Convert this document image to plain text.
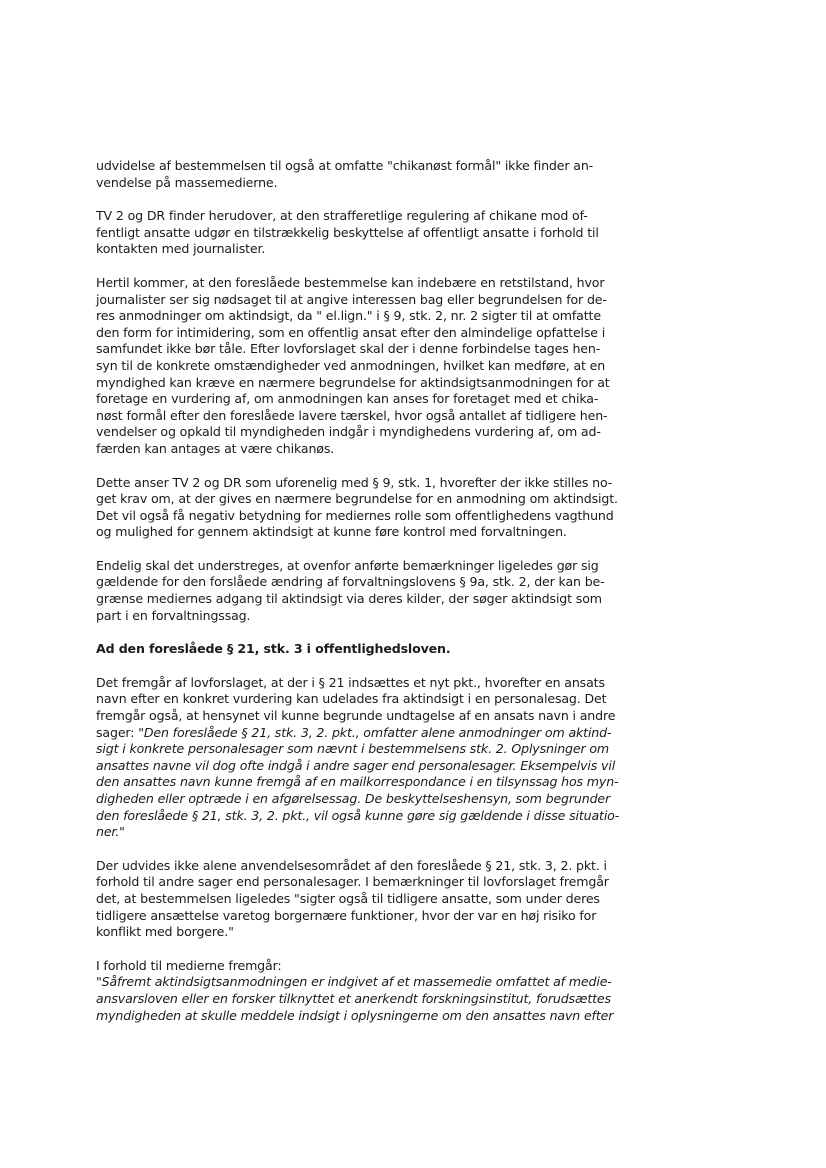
udvidelse af bestemmelsen til også at omfatte "chikanøst formål" ikke finder an-
vendelse på massemedierne.

TV 2 og DR finder herudover, at den strafferetlige regulering af chikane mod of-
fentligt ansatte udgør en tilstrækkelig beskyttelse af offentligt ansatte i forhold til
kontakten med journalister.

Hertil kommer, at den foreslåede bestemmelse kan indebære en retstilstand, hvor
journalister ser sig nødsaget til at angive interessen bag eller begrundelsen for de-
res anmodninger om aktindsigt, da " el.lign." i § 9, stk. 2, nr. 2 sigter til at omfatte
den form for intimidering, som en offentlig ansat efter den almindelige opfattelse i
samfundet ikke bør tåle. Efter lovforslaget skal der i denne forbindelse tages hen-
syn til de konkrete omstændigheder ved anmodningen, hvilket kan medføre, at en
myndighed kan kræve en nærmere begrundelse for aktindsigtsanmodningen for at
foretage en vurdering af, om anmodningen kan anses for foretaget med et chika-
nøst formål efter den foreslåede lavere tærskel, hvor også antallet af tidligere hen-
vendelser og opkald til myndigheden indgår i myndighedens vurdering af, om ad-
færden kan antages at være chikanøs.

Dette anser TV 2 og DR som uforenelig med § 9, stk. 1, hvorefter der ikke stilles no-
get krav om, at der gives en nærmere begrundelse for en anmodning om aktindsigt.
Det vil også få negativ betydning for mediernes rolle som offentlighedens vagthund
og mulighed for gennem aktindsigt at kunne føre kontrol med forvaltningen.

Endelig skal det understreges, at ovenfor anførte bemærkninger ligeledes gør sig
gældende for den forslåede ændring af forvaltningslovens § 9a, stk. 2, der kan be-
grænse mediernes adgang til aktindsigt via deres kilder, der søger aktindsigt som
part i en forvaltningssag.

Ad den foreslåede § 21, stk. 3 i offentlighedsloven.

Det fremgår af lovforslaget, at der i § 21 indsættes et nyt pkt., hvorefter en ansats
navn efter en konkret vurdering kan udelades fra aktindsigt i en personalesag. Det
fremgår også, at hensynet vil kunne begrunde undtagelse af en ansats navn i andre
sager: "Den foreslåede § 21, stk. 3, 2. pkt., omfatter alene anmodninger om aktind-
sigt i konkrete personalesager som nævnt i bestemmelsens stk. 2. Oplysninger om
ansattes navne vil dog ofte indgå i andre sager end personalesager. Eksempelvis vil
den ansattes navn kunne fremgå af en mailkorrespondance i en tilsynssag hos myn-
digheden eller optræde i en afgørelsessag. De beskyttelseshensyn, som begrunder
den foreslåede § 21, stk. 3, 2. pkt., vil også kunne gøre sig gældende i disse situatio-
ner."

Der udvides ikke alene anvendelsesområdet af den foreslåede § 21, stk. 3, 2. pkt. i
forhold til andre sager end personalesager. I bemærkninger til lovforslaget fremgår
det, at bestemmelsen ligeledes "sigter også til tidligere ansatte, som under deres
tidligere ansættelse varetog borgernære funktioner, hvor der var en høj risiko for
konflikt med borgere."

I forhold til medierne fremgår:
"Såfremt aktindsigtsanmodningen er indgivet af et massemedie omfattet af medie-
ansvarsloven eller en forsker tilknyttet et anerkendt forskningsinstitut, forudsættes
myndigheden at skulle meddele indsigt i oplysningerne om den ansattes navn efter
